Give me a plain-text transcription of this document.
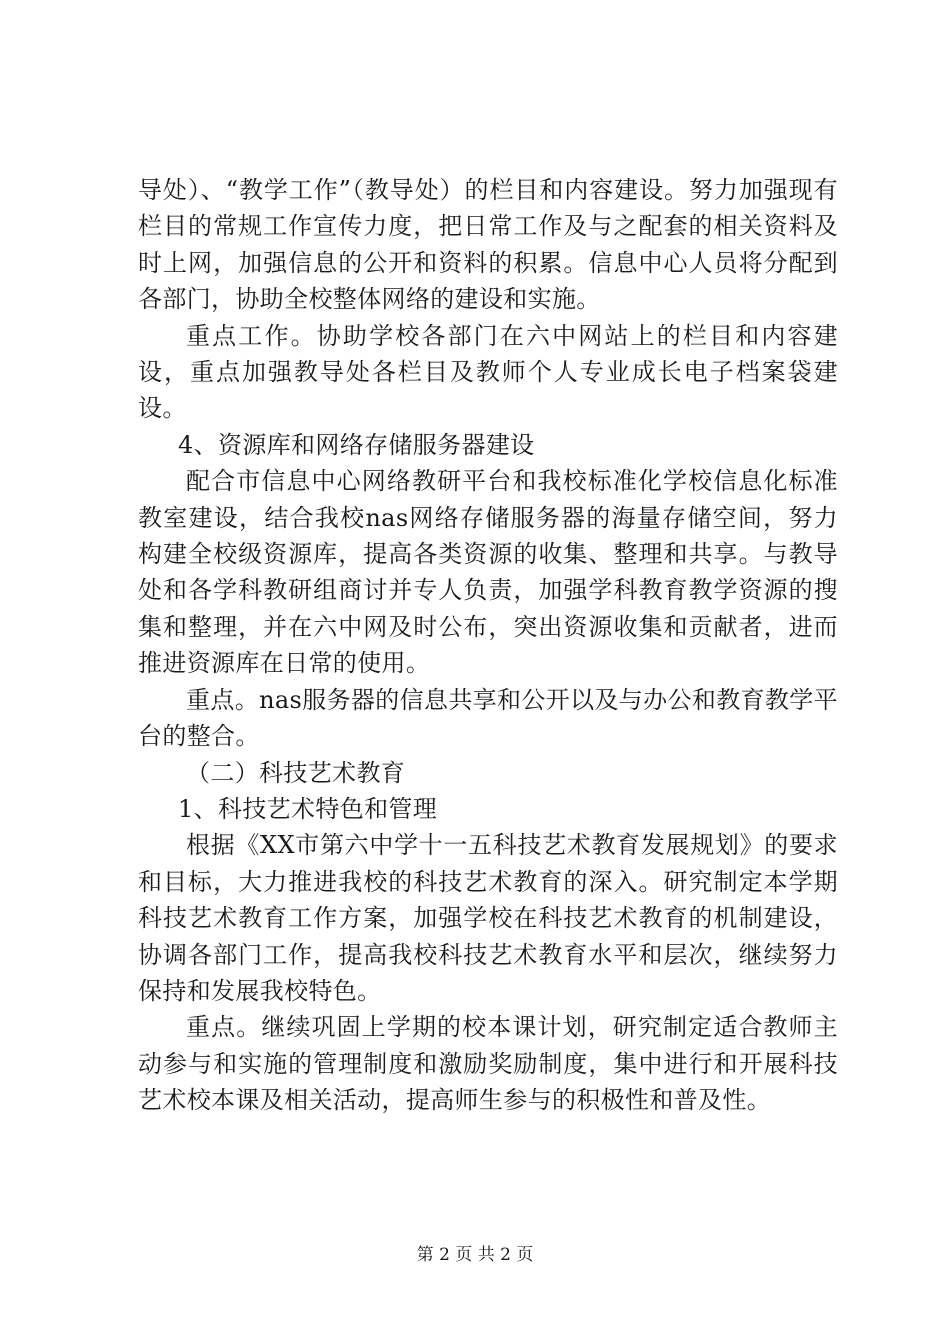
导处）、“教学工作”（教导处）的栏目和内容建设。努力加强现有栏目的常规工作宣传力度，把日常工作及与之配套的相关资料及时上网，加强信息的公开和资料的积累。信息中心人员将分配到各部门，协助全校整体网络的建设和实施。

重点工作。协助学校各部门在六中网站上的栏目和内容建设，重点加强教导处各栏目及教师个人专业成长电子档案袋建设。

4、资源库和网络存储服务器建设

配合市信息中心网络教研平台和我校标准化学校信息化标准教室建设，结合我校nas网络存储服务器的海量存储空间，努力构建全校级资源库，提高各类资源的收集、整理和共享。与教导处和各学科教研组商讨并专人负责，加强学科教育教学资源的搜集和整理，并在六中网及时公布，突出资源收集和贡献者，进而推进资源库在日常的使用。

重点。nas服务器的信息共享和公开以及与办公和教育教学平台的整合。

（二）科技艺术教育

1、科技艺术特色和管理

根据《XX市第六中学十一五科技艺术教育发展规划》的要求和目标，大力推进我校的科技艺术教育的深入。研究制定本学期科技艺术教育工作方案，加强学校在科技艺术教育的机制建设，协调各部门工作，提高我校科技艺术教育水平和层次，继续努力保持和发展我校特色。

重点。继续巩固上学期的校本课计划，研究制定适合教师主动参与和实施的管理制度和激励奖励制度，集中进行和开展科技艺术校本课及相关活动，提高师生参与的积极性和普及性。

第 2 页 共 2 页
